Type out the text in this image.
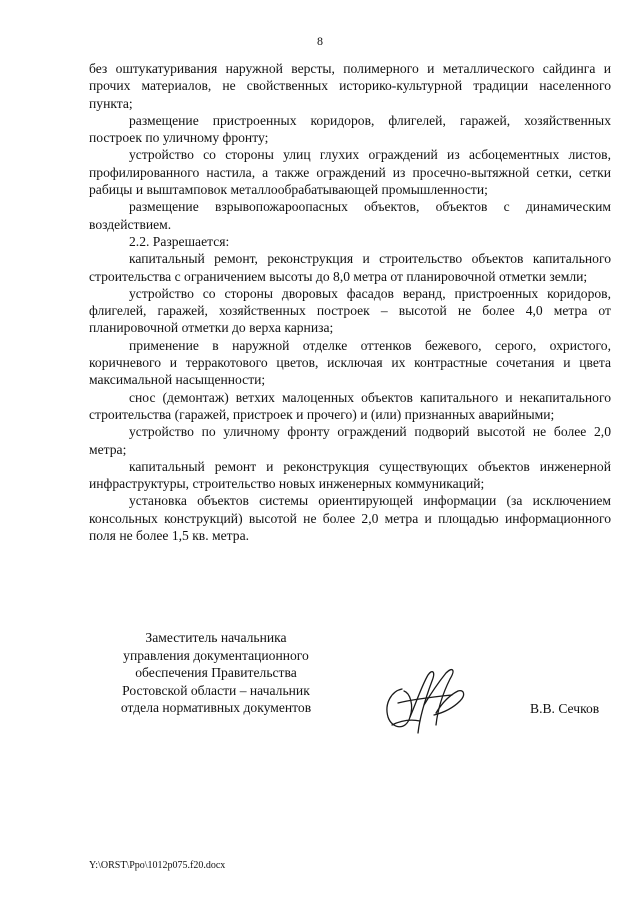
8

без оштукатуривания наружной версты, полимерного и металлического сайдинга и прочих материалов, не свойственных историко-культурной традиции населенного пункта;

размещение пристроенных коридоров, флигелей, гаражей, хозяйственных построек по уличному фронту;

устройство со стороны улиц глухих ограждений из асбоцементных листов, профилированного настила, а также ограждений из просечно-вытяжной сетки, сетки рабицы и выштамповок металлообрабатывающей промышленности;

размещение взрывопожароопасных объектов, объектов с динамическим воздействием.

2.2. Разрешается:

капитальный ремонт, реконструкция и строительство объектов капитального строительства с ограничением высоты до 8,0 метра от планировочной отметки земли;

устройство со стороны дворовых фасадов веранд, пристроенных коридоров, флигелей, гаражей, хозяйственных построек – высотой не более 4,0 метра от планировочной отметки до верха карниза;

применение в наружной отделке оттенков бежевого, серого, охристого, коричневого и терракотового цветов, исключая их контрастные сочетания и цвета максимальной насыщенности;

снос (демонтаж) ветхих малоценных объектов капитального и некапитального строительства (гаражей, пристроек и прочего) и (или) признанных аварийными;

устройство по уличному фронту ограждений подворий высотой не более 2,0 метра;

капитальный ремонт и реконструкция существующих объектов инженерной инфраструктуры, строительство новых инженерных коммуникаций;

установка объектов системы ориентирующей информации (за исключением консольных конструкций) высотой не более 2,0 метра и площадью информационного поля не более 1,5 кв. метра.

Заместитель начальника
управления документационного
обеспечения Правительства
Ростовской области – начальник
отдела нормативных документов	В.В. Сечков
Y:\ORST\Ppo\1012p075.f20.docx
